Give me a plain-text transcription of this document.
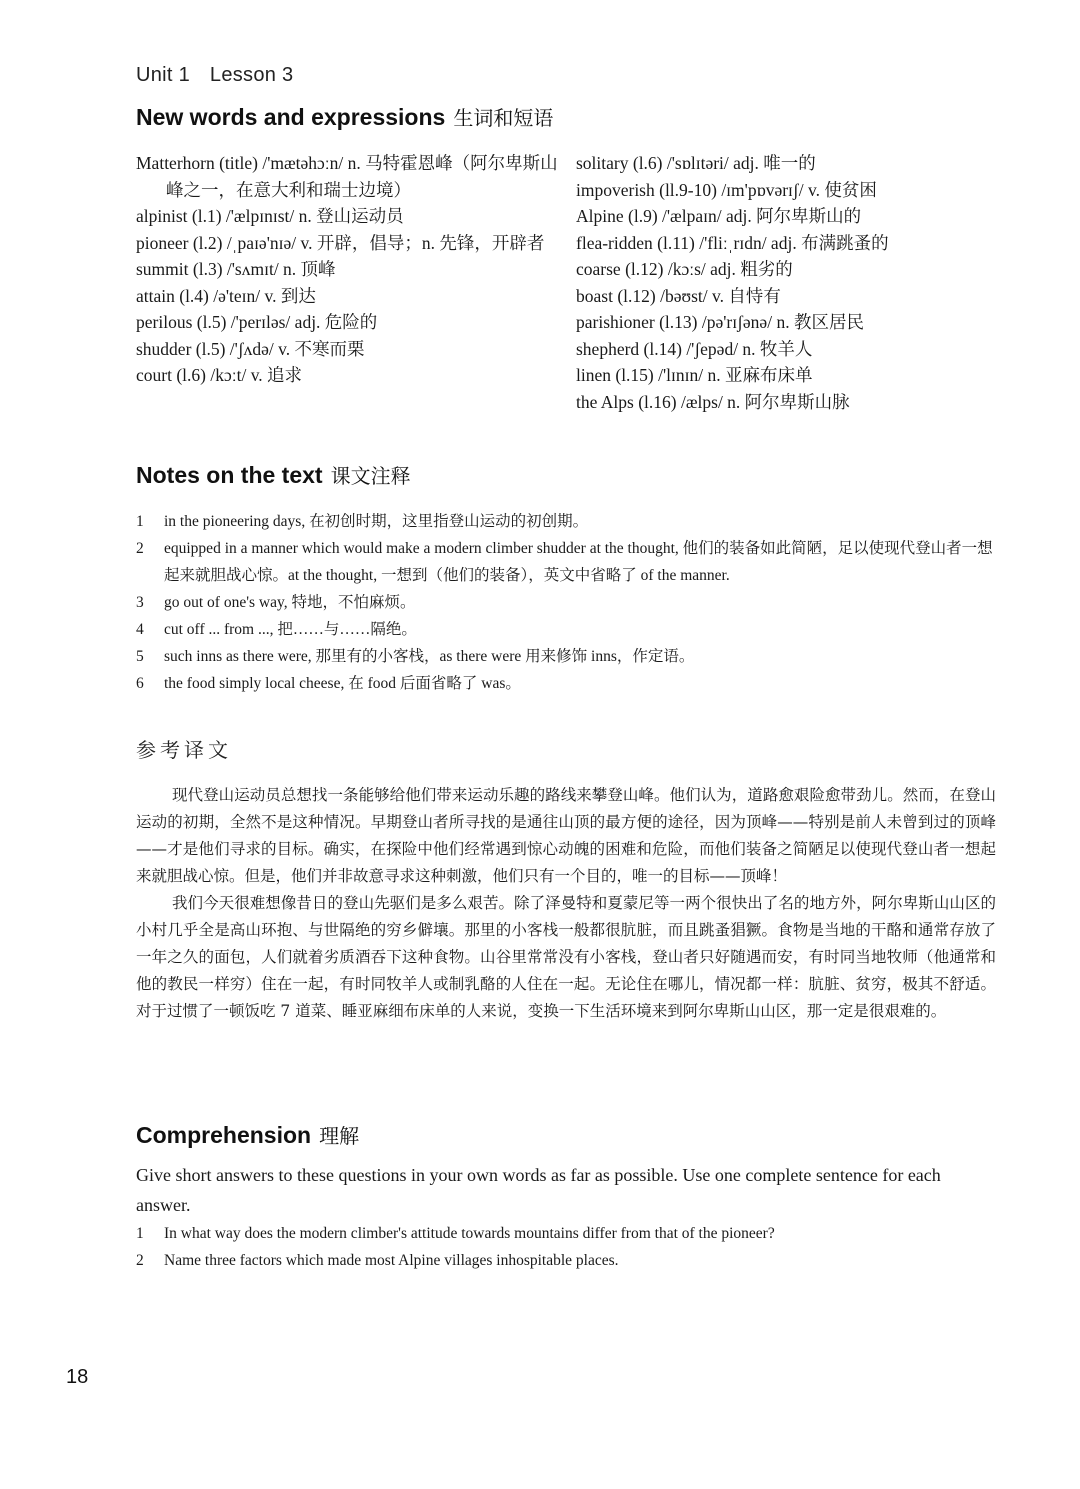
Unit 1 Lesson 3
New words and expressions 生词和短语
Matterhorn (title) /'mætəhɔːn/ n. 马特霍恩峰（阿尔卑斯山峰之一，在意大利和瑞士边境）
alpinist (l.1) /'ælpɪnɪst/ n. 登山运动员
pioneer (l.2) /ˌpaɪə'nɪə/ v. 开辟，倡导；n. 先锋，开辟者
summit (l.3) /'sʌmɪt/ n. 顶峰
attain (l.4) /ə'teɪn/ v. 到达
perilous (l.5) /'perɪləs/ adj. 危险的
shudder (l.5) /'ʃʌdə/ v. 不寒而栗
court (l.6) /kɔːt/ v. 追求
solitary (l.6) /'sɒlɪtəri/ adj. 唯一的
impoverish (ll.9-10) /ɪm'pɒvərɪʃ/ v. 使贫困
Alpine (l.9) /'ælpaɪn/ adj. 阿尔卑斯山的
flea-ridden (l.11) /'fliːˌrɪdn/ adj. 布满跳蚤的
coarse (l.12) /kɔːs/ adj. 粗劣的
boast (l.12) /bəʊst/ v. 自恃有
parishioner (l.13) /pə'rɪʃənə/ n. 教区居民
shepherd (l.14) /'ʃepəd/ n. 牧羊人
linen (l.15) /'lɪnɪn/ n. 亚麻布床单
the Alps (l.16) /ælps/ n. 阿尔卑斯山脉
Notes on the text 课文注释
1	in the pioneering days, 在初创时期，这里指登山运动的初创期。
2	equipped in a manner which would make a modern climber shudder at the thought, 他们的装备如此简陋，足以使现代登山者一想起来就胆战心惊。at the thought, 一想到（他们的装备），英文中省略了 of the manner.
3	go out of one's way, 特地，不怕麻烦。
4	cut off ... from ..., 把……与……隔绝。
5	such inns as there were, 那里有的小客栈，as there were 用来修饰 inns，作定语。
6	the food simply local cheese, 在 food 后面省略了 was。
参考译文

现代登山运动员总想找一条能够给他们带来运动乐趣的路线来攀登山峰。他们认为，道路愈艰险愈带劲儿。然而，在登山运动的初期，全然不是这种情况。早期登山者所寻找的是通往山顶的最方便的途径，因为顶峰——特别是前人未曾到过的顶峰——才是他们寻求的目标。确实，在探险中他们经常遇到惊心动魄的困难和危险，而他们装备之简陋足以使现代登山者一想起来就胆战心惊。但是，他们并非故意寻求这种刺激，他们只有一个目的，唯一的目标——顶峰！

我们今天很难想像昔日的登山先驱们是多么艰苦。除了泽曼特和夏蒙尼等一两个很快出了名的地方外，阿尔卑斯山山区的小村几乎全是高山环抱、与世隔绝的穷乡僻壤。那里的小客栈一般都很肮脏，而且跳蚤猖獗。食物是当地的干酪和通常存放了一年之久的面包，人们就着劣质酒吞下这种食物。山谷里常常没有小客栈，登山者只好随遇而安，有时同当地牧师（他通常和他的教民一样穷）住在一起，有时同牧羊人或制乳酪的人住在一起。无论住在哪儿，情况都一样：肮脏、贫穷，极其不舒适。对于过惯了一顿饭吃 7 道菜、睡亚麻细布床单的人来说，变换一下生活环境来到阿尔卑斯山山区，那一定是很艰难的。

Comprehension 理解
Give short answers to these questions in your own words as far as possible. Use one complete sentence for each answer.
1	In what way does the modern climber's attitude towards mountains differ from that of the pioneer?
2	Name three factors which made most Alpine villages inhospitable places.
18
